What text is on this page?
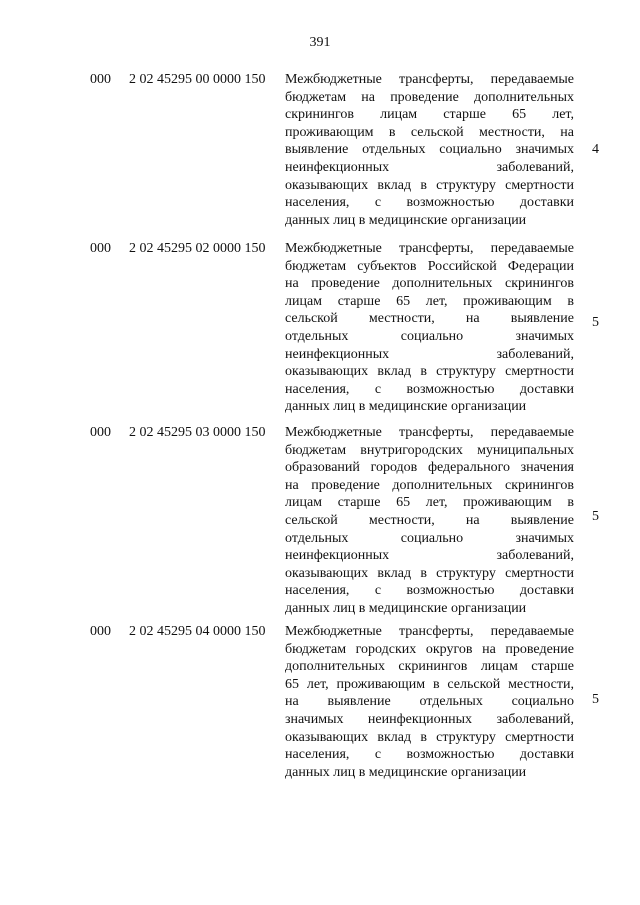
391
000 2 02 45295 00 0000 150 Межбюджетные трансферты, передаваемые
бюджетам на проведение дополнительных
скринингов лицам старше 65 лет,
проживающим в сельской местности, на
выявление отдельных социально значимых
неинфекционных заболеваний,
оказывающих вклад в структуру смертности
населения, с возможностью доставки
данных лиц в медицинские организации
4
000 2 02 45295 02 0000 150 Межбюджетные трансферты, передаваемые
бюджетам субъектов Российской Федерации
на проведение дополнительных скринингов
лицам старше 65 лет, проживающим в
сельской местности, на выявление
отдельных социально значимых
неинфекционных заболеваний,
оказывающих вклад в структуру смертности
населения, с возможностью доставки
данных лиц в медицинские организации
5
000 2 02 45295 03 0000 150 Межбюджетные трансферты, передаваемые
бюджетам внутригородских муниципальных
образований городов федерального значения
на проведение дополнительных скринингов
лицам старше 65 лет, проживающим в
сельской местности, на выявление
отдельных социально значимых
неинфекционных заболеваний,
оказывающих вклад в структуру смертности
населения, с возможностью доставки
данных лиц в медицинские организации
5
000 2 02 45295 04 0000 150 Межбюджетные трансферты, передаваемые
бюджетам городских округов на проведение
дополнительных скринингов лицам старше
65 лет, проживающим в сельской местности,
на выявление отдельных социально
значимых неинфекционных заболеваний,
оказывающих вклад в структуру смертности
населения, с возможностью доставки
данных лиц в медицинские организации
5
